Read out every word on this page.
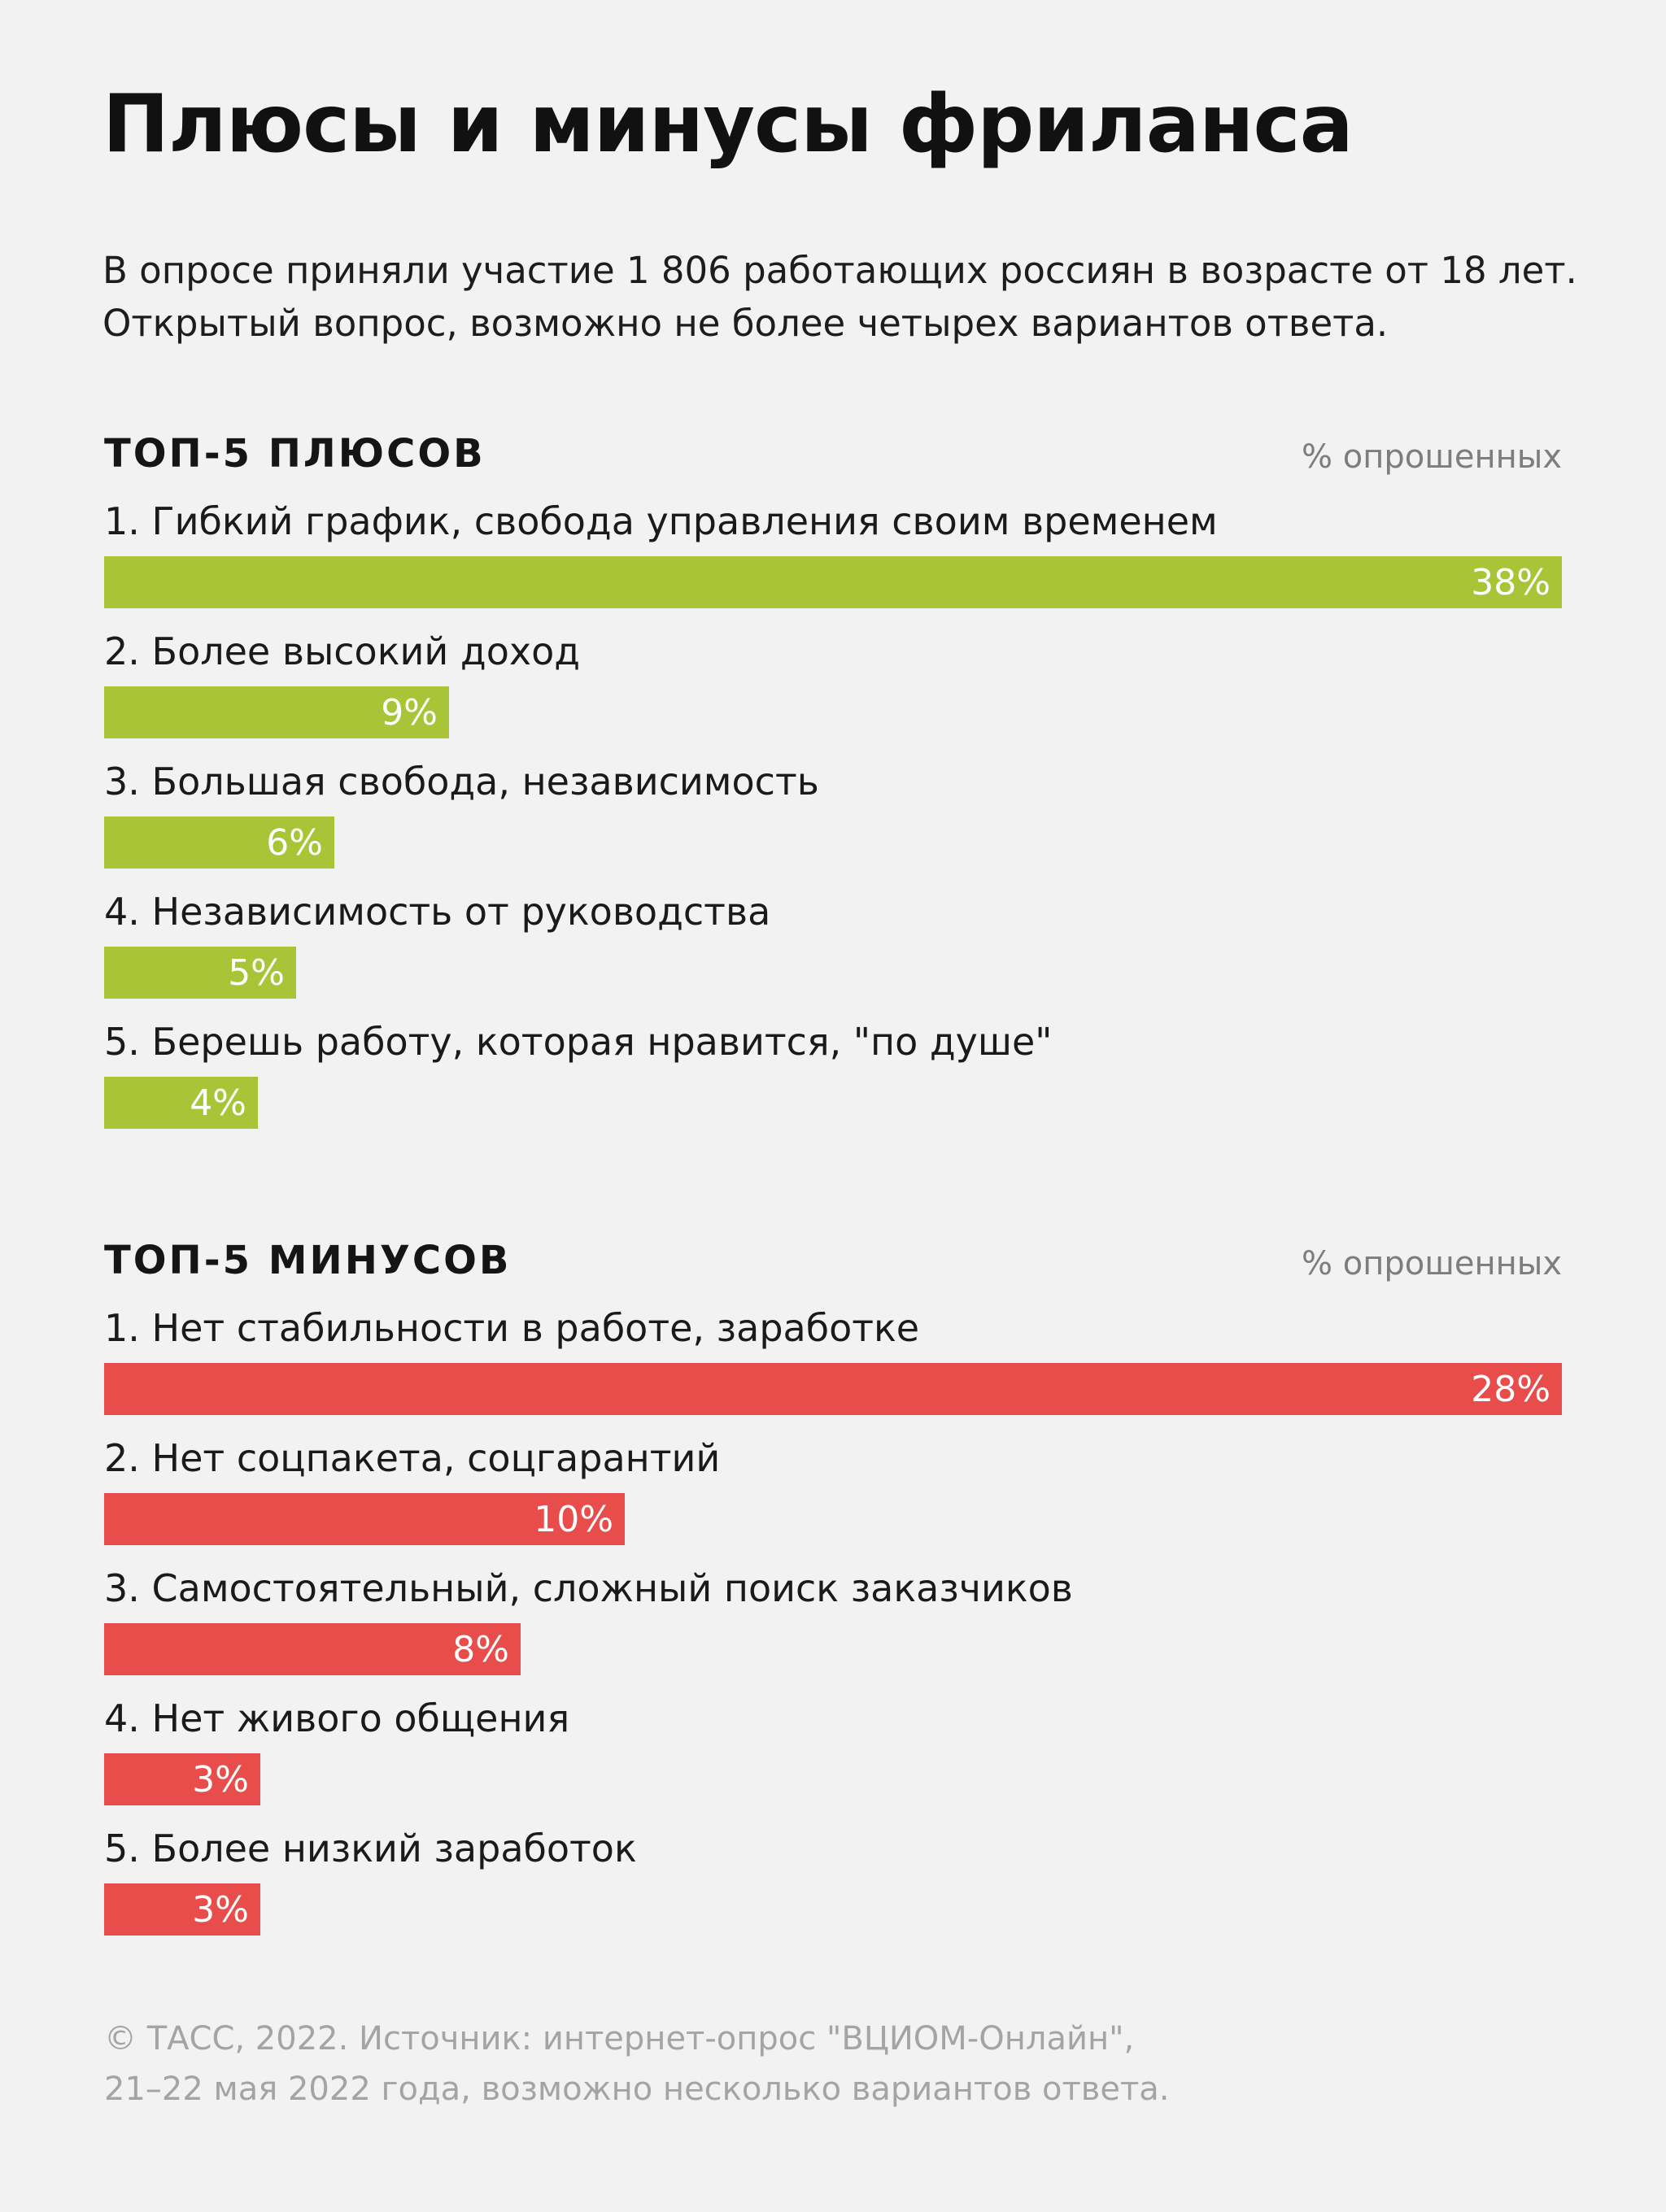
Плюсы и минусы фриланса
В опросе приняли участие 1 806 работающих россиян в возрасте от 18 лет.
Открытый вопрос, возможно не более четырех вариантов ответа.
ТОП-5 ПЛЮСОВ	% опрошенных
1. Гибкий график, свобода управления своим временем
38%
2. Более высокий доход
9%
3. Большая свобода, независимость
6%
4. Независимость от руководства
5%
5. Берешь работу, которая нравится, "по душе"
4%
ТОП-5 МИНУСОВ	% опрошенных
1. Нет стабильности в работе, заработке
28%
2. Нет соцпакета, соцгарантий
10%
3. Самостоятельный, сложный поиск заказчиков
8%
4. Нет живого общения
3%
5. Более низкий заработок
3%
© ТАСС, 2022. Источник: интернет-опрос "ВЦИОМ-Онлайн",
21–22 мая 2022 года, возможно несколько вариантов ответа.
